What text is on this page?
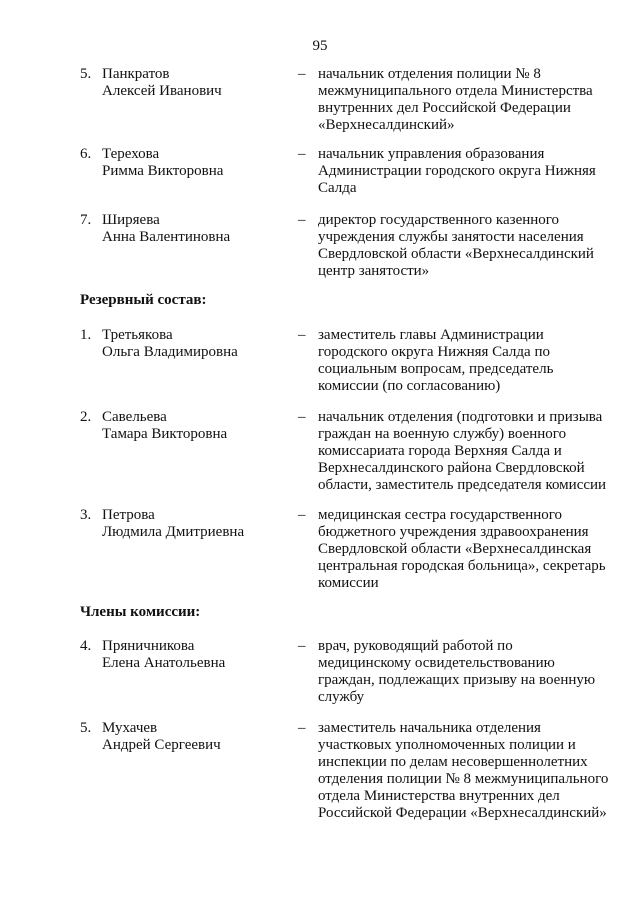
95
5. Панкратов
Алексей Иванович
– начальник отделения полиции № 8
межмуниципального отдела Министерства
внутренних дел Российской Федерации
«Верхнесалдинский»
6. Терехова
Римма Викторовна
– начальник управления образования
Администрации городского округа Нижняя
Салда
7. Ширяева
Анна Валентиновна
– директор государственного казенного
учреждения службы занятости населения
Свердловской области «Верхнесалдинский
центр занятости»
Резервный состав:
1. Третьякова
Ольга Владимировна
– заместитель главы Администрации
городского округа Нижняя Салда по
социальным вопросам, председатель
комиссии (по согласованию)
2. Савельева
Тамара Викторовна
– начальник отделения (подготовки и призыва
граждан на военную службу) военного
комиссариата города Верхняя Салда и
Верхнесалдинского района Свердловской
области, заместитель председателя комиссии
3. Петрова
Людмила Дмитриевна
– медицинская сестра государственного
бюджетного учреждения здравоохранения
Свердловской области «Верхнесалдинская
центральная городская больница», секретарь
комиссии
Члены комиссии:
4. Пряничникова
Елена Анатольевна
– врач, руководящий работой по
медицинскому освидетельствованию
граждан, подлежащих призыву на военную
службу
5. Мухачев
Андрей Сергеевич
– заместитель начальника отделения
участковых уполномоченных полиции и
инспекции по делам несовершеннолетних
отделения полиции № 8 межмуниципального
отдела Министерства внутренних дел
Российской Федерации «Верхнесалдинский»
